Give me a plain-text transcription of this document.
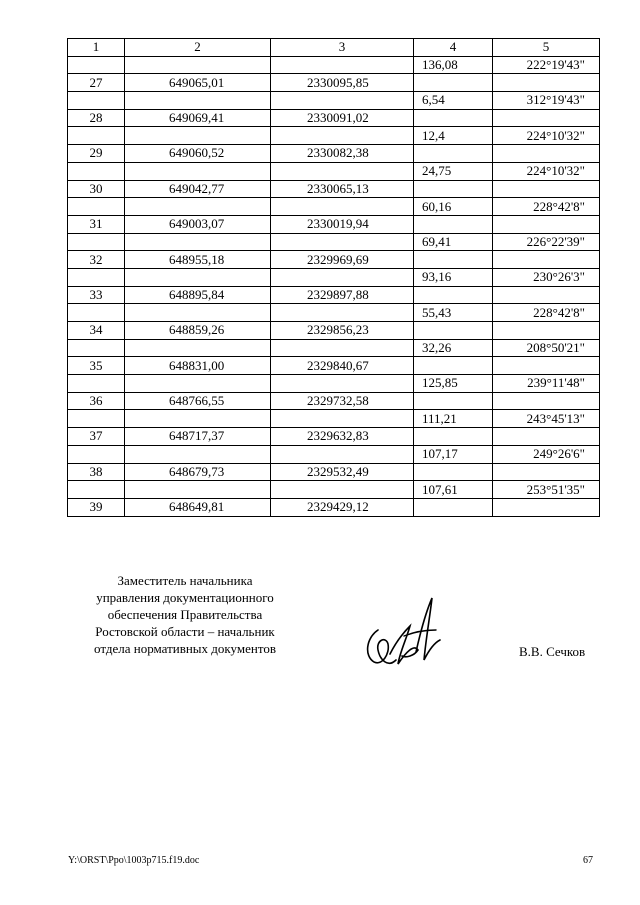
1	2	3	4	5
			136,08	222°19'43"
27	649065,01	2330095,85		
			6,54	312°19'43"
28	649069,41	2330091,02		
			12,4	224°10'32"
29	649060,52	2330082,38		
			24,75	224°10'32"
30	649042,77	2330065,13		
			60,16	228°42'8"
31	649003,07	2330019,94		
			69,41	226°22'39"
32	648955,18	2329969,69		
			93,16	230°26'3"
33	648895,84	2329897,88		
			55,43	228°42'8"
34	648859,26	2329856,23		
			32,26	208°50'21"
35	648831,00	2329840,67		
			125,85	239°11'48"
36	648766,55	2329732,58		
			111,21	243°45'13"
37	648717,37	2329632,83		
			107,17	249°26'6"
38	648679,73	2329532,49		
			107,61	253°51'35"
39	648649,81	2329429,12		
Заместитель начальника
управления документационного
обеспечения Правительства
Ростовской области – начальник
отдела нормативных документов	В.В. Сечков
Y:\ORST\Ppo\1003p715.f19.doc	67
